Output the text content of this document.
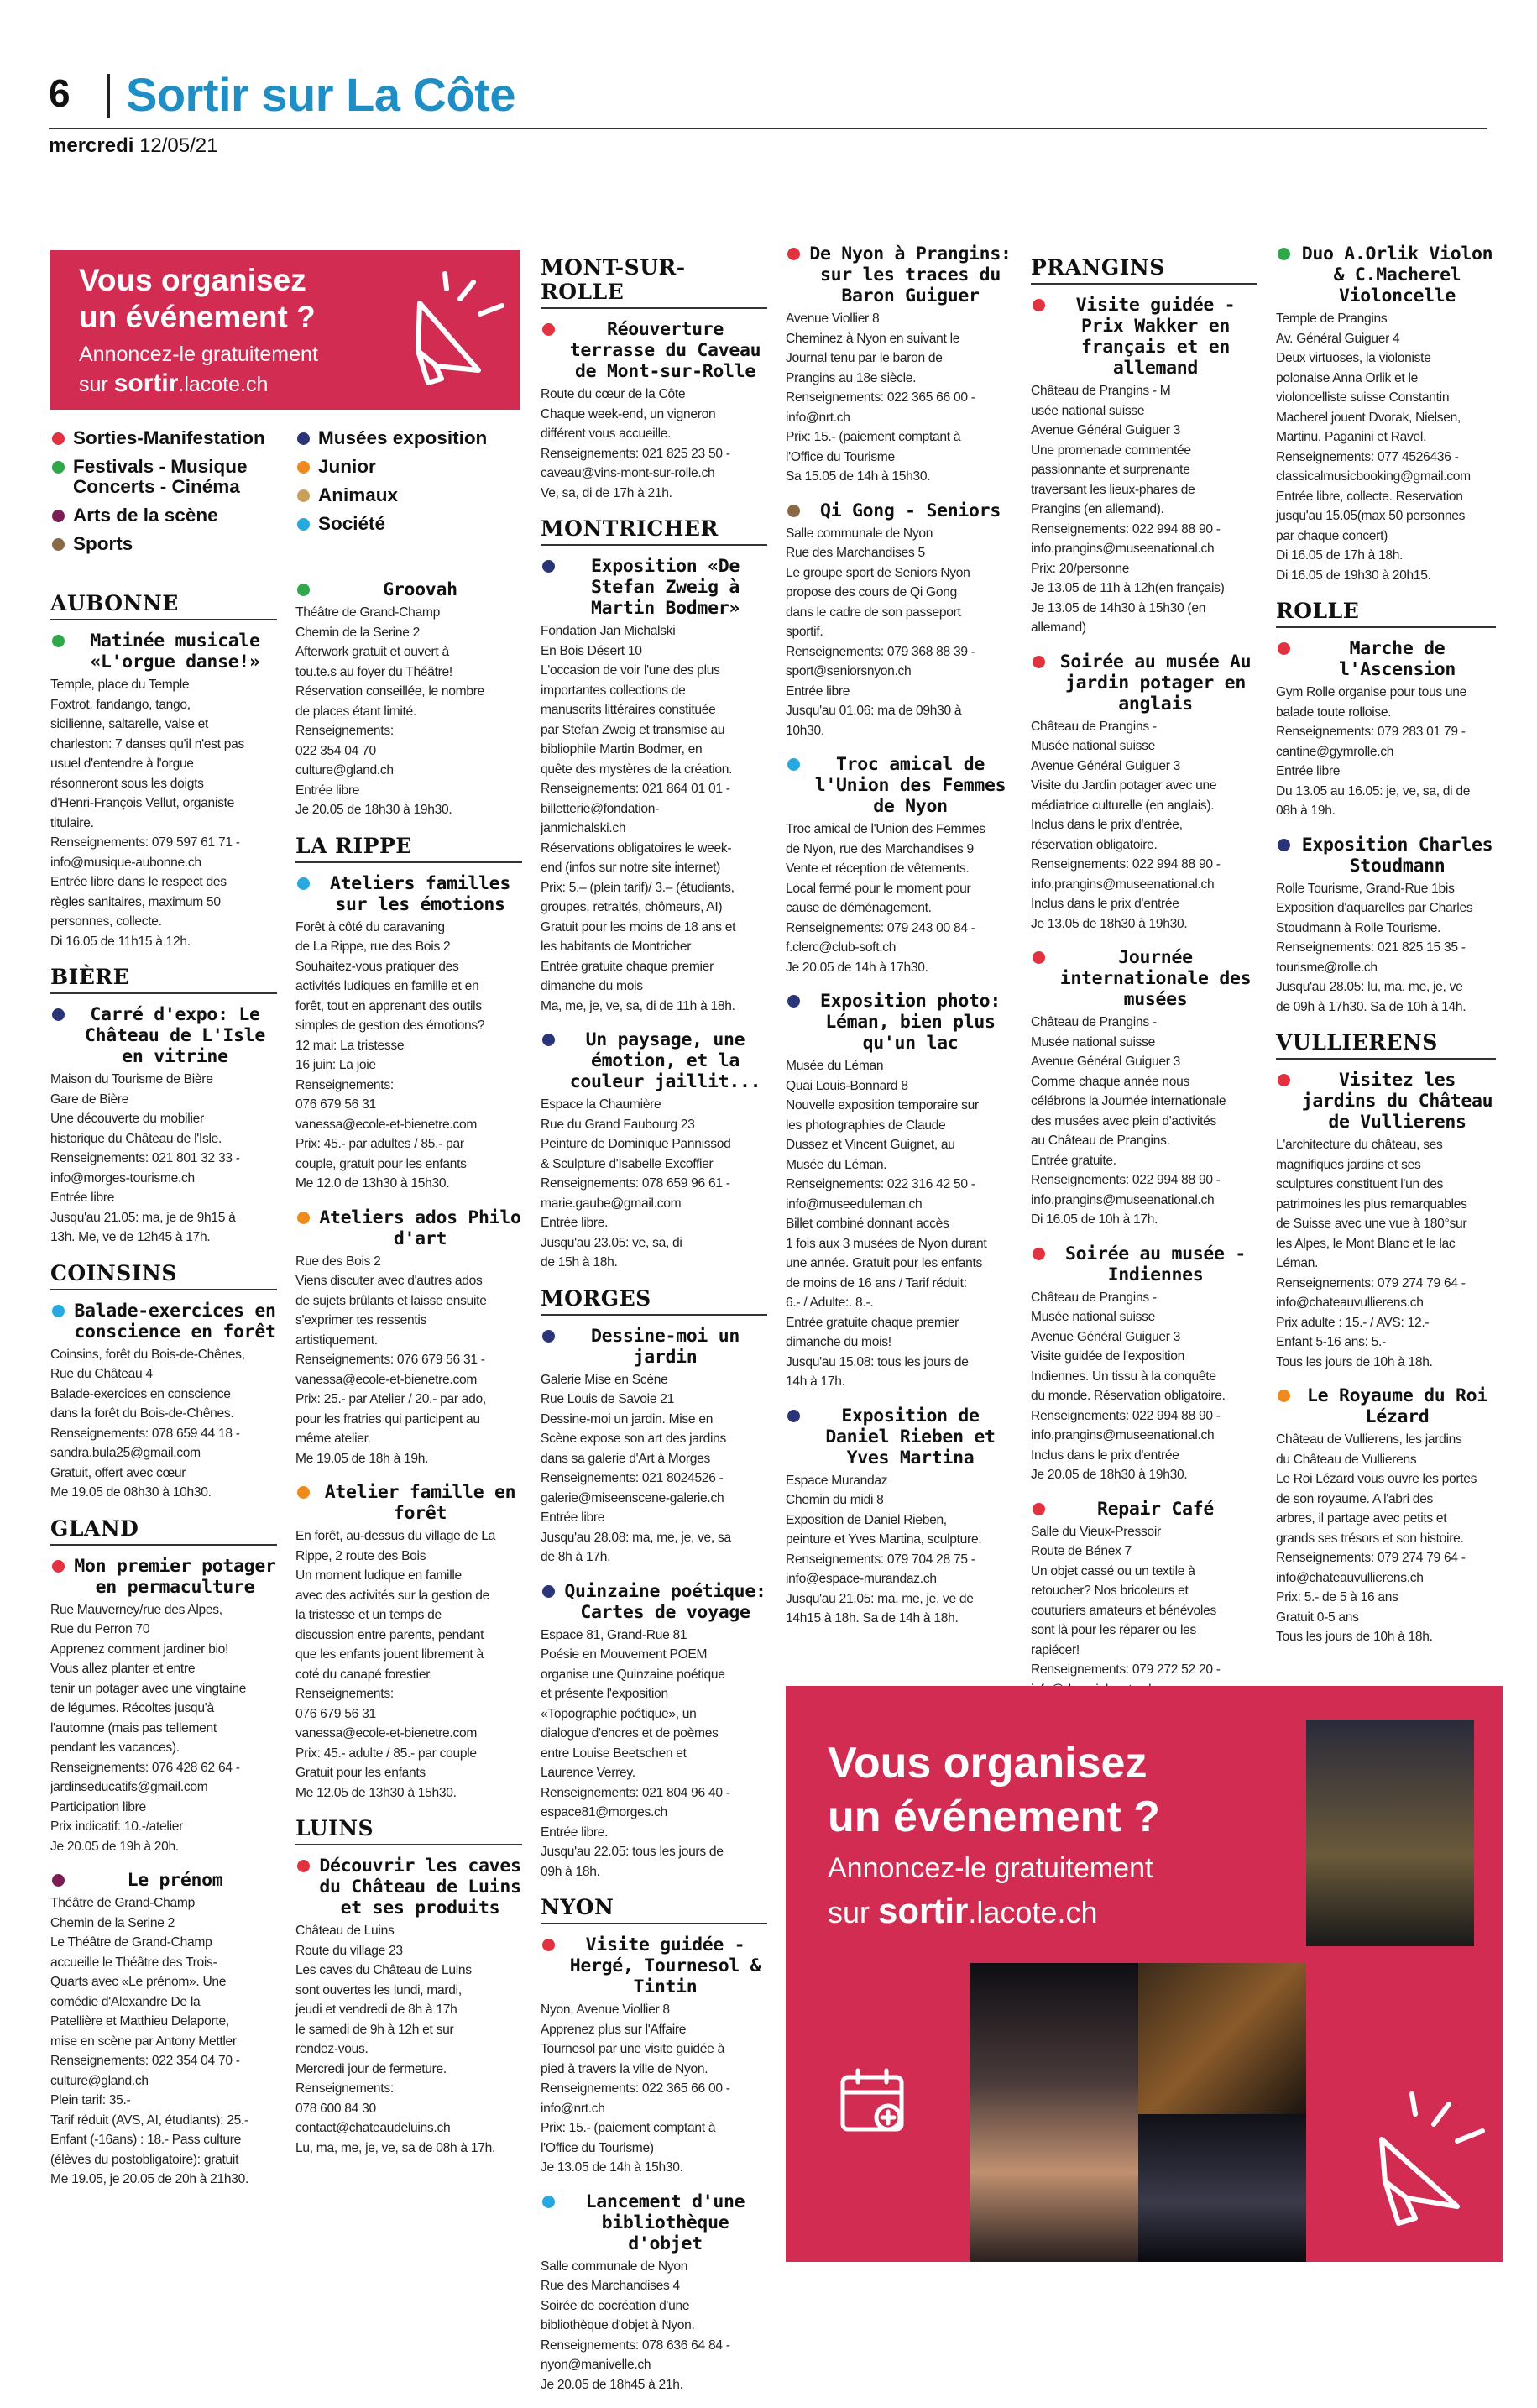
6 Sortir sur La Côte
mercredi 12/05/21
Vous organisez
un événement ?
Annoncez-le gratuitement
sur sortir.lacote.ch
Sorties-Manifestation
Festivals - Musique Concerts - Cinéma
Arts de la scène
Sports
Musées exposition
Junior
Animaux
Société
AUBONNE
Matinée musicale «L'orgue danse!»
Temple, place du Temple
Foxtrot, fandango, tango,
sicilienne, saltarelle, valse et
charleston: 7 danses qu'il n'est pas
usuel d'entendre à l'orgue
résonneront sous les doigts
d'Henri-François Vellut, organiste
titulaire.
Renseignements: 079 597 61 71 -
info@musique-aubonne.ch
Entrée libre dans le respect des
règles sanitaires, maximum 50
personnes, collecte.
Di 16.05 de 11h15 à 12h.
BIÈRE
Carré d'expo: Le Château de L'Isle en vitrine
Maison du Tourisme de Bière
Gare de Bière
Une découverte du mobilier
historique du Château de l'Isle.
Renseignements: 021 801 32 33 -
info@morges-tourisme.ch
Entrée libre
Jusqu'au 21.05: ma, je de 9h15 à
13h. Me, ve de 12h45 à 17h.
COINSINS
Balade-exercices en conscience en forêt
Coinsins, forêt du Bois-de-Chênes,
Rue du Château 4
Balade-exercices en conscience
dans la forêt du Bois-de-Chênes.
Renseignements: 078 659 44 18 -
sandra.bula25@gmail.com
Gratuit, offert avec cœur
Me 19.05 de 08h30 à 10h30.
GLAND
Mon premier potager en permaculture
Rue Mauverney/rue des Alpes,
Rue du Perron 70
Apprenez comment jardiner bio!
Vous allez planter et entre
tenir un potager avec une vingtaine
de légumes. Récoltes jusqu'à
l'automne (mais pas tellement
pendant les vacances).
Renseignements: 076 428 62 64 -
jardinseducatifs@gmail.com
Participation libre
Prix indicatif: 10.-/atelier
Je 20.05 de 19h à 20h.
Le prénom
Théâtre de Grand-Champ
Chemin de la Serine 2
Le Théâtre de Grand-Champ
accueille le Théâtre des Trois-
Quarts avec «Le prénom». Une
comédie d'Alexandre De la
Patellière et Matthieu Delaporte,
mise en scène par Antony Mettler
Renseignements: 022 354 04 70 -
culture@gland.ch
Plein tarif: 35.-
Tarif réduit (AVS, AI, étudiants): 25.-
Enfant (-16ans) : 18.- Pass culture
(élèves du postobligatoire): gratuit
Me 19.05, je 20.05 de 20h à 21h30.
Groovah
Théâtre de Grand-Champ
Chemin de la Serine 2
Afterwork gratuit et ouvert à
tou.te.s au foyer du Théâtre!
Réservation conseillée, le nombre
de places étant limité.
Renseignements:
022 354 04 70
culture@gland.ch
Entrée libre
Je 20.05 de 18h30 à 19h30.
LA RIPPE
Ateliers familles sur les émotions
Forêt à côté du caravaning
de La Rippe, rue des Bois 2
Souhaitez-vous pratiquer des
activités ludiques en famille et en
forêt, tout en apprenant des outils
simples de gestion des émotions?
12 mai: La tristesse
16 juin: La joie
Renseignements:
076 679 56 31
vanessa@ecole-et-bienetre.com
Prix: 45.- par adultes / 85.- par
couple, gratuit pour les enfants
Me 12.0 de 13h30 à 15h30.
Ateliers ados Philo d'art
Rue des Bois 2
Viens discuter avec d'autres ados
de sujets brûlants et laisse ensuite
s'exprimer tes ressentis
artistiquement.
Renseignements: 076 679 56 31 -
vanessa@ecole-et-bienetre.com
Prix: 25.- par Atelier / 20.- par ado,
pour les fratries qui participent au
même atelier.
Me 19.05 de 18h à 19h.
Atelier famille en forêt
En forêt, au-dessus du village de La
Rippe, 2 route des Bois
Un moment ludique en famille
avec des activités sur la gestion de
la tristesse et un temps de
discussion entre parents, pendant
que les enfants jouent librement à
coté du canapé forestier.
Renseignements:
076 679 56 31
vanessa@ecole-et-bienetre.com
Prix: 45.- adulte / 85.- par couple
Gratuit pour les enfants
Me 12.05 de 13h30 à 15h30.
LUINS
Découvrir les caves du Château de Luins et ses produits
Château de Luins
Route du village 23
Les caves du Château de Luins
sont ouvertes les lundi, mardi,
jeudi et vendredi de 8h à 17h
le samedi de 9h à 12h et sur
rendez-vous.
Mercredi jour de fermeture.
Renseignements:
078 600 84 30
contact@chateaudeluins.ch
Lu, ma, me, je, ve, sa de 08h à 17h.
MONT-SUR-ROLLE
Réouverture terrasse du Caveau de Mont-sur-Rolle
Route du cœur de la Côte
Chaque week-end, un vigneron
différent vous accueille.
Renseignements: 021 825 23 50 -
caveau@vins-mont-sur-rolle.ch
Ve, sa, di de 17h à 21h.
MONTRICHER
Exposition «De Stefan Zweig à Martin Bodmer»
Fondation Jan Michalski
En Bois Désert 10
L'occasion de voir l'une des plus
importantes collections de
manuscrits littéraires constituée
par Stefan Zweig et transmise au
bibliophile Martin Bodmer, en
quête des mystères de la création.
Renseignements: 021 864 01 01 -
billetterie@fondation-
janmichalski.ch
Réservations obligatoires le week-
end (infos sur notre site internet)
Prix: 5.– (plein tarif)/ 3.– (étudiants,
groupes, retraités, chômeurs, AI)
Gratuit pour les moins de 18 ans et
les habitants de Montricher
Entrée gratuite chaque premier
dimanche du mois
Ma, me, je, ve, sa, di de 11h à 18h.
Un paysage, une émotion, et la couleur jaillit...
Espace la Chaumière
Rue du Grand Faubourg 23
Peinture de Dominique Pannissod
& Sculpture d'Isabelle Excoffier
Renseignements: 078 659 96 61 -
marie.gaube@gmail.com
Entrée libre.
Jusqu'au 23.05: ve, sa, di
de 15h à 18h.
MORGES
Dessine-moi un jardin
Galerie Mise en Scène
Rue Louis de Savoie 21
Dessine-moi un jardin. Mise en
Scène expose son art des jardins
dans sa galerie d'Art à Morges
Renseignements: 021 8024526 -
galerie@miseenscene-galerie.ch
Entrée libre
Jusqu'au 28.08: ma, me, je, ve, sa
de 8h à 17h.
Quinzaine poétique: Cartes de voyage
Espace 81, Grand-Rue 81
Poésie en Mouvement POEM
organise une Quinzaine poétique
et présente l'exposition
«Topographie poétique», un
dialogue d'encres et de poèmes
entre Louise Beetschen et
Laurence Verrey.
Renseignements: 021 804 96 40 -
espace81@morges.ch
Entrée libre.
Jusqu'au 22.05: tous les jours de
09h à 18h.
NYON
Visite guidée - Hergé, Tournesol & Tintin
Nyon, Avenue Viollier 8
Apprenez plus sur l'Affaire
Tournesol par une visite guidée à
pied à travers la ville de Nyon.
Renseignements: 022 365 66 00 -
info@nrt.ch
Prix: 15.- (paiement comptant à
l'Office du Tourisme)
Je 13.05 de 14h à 15h30.
Lancement d'une bibliothèque d'objet
Salle communale de Nyon
Rue des Marchandises 4
Soirée de cocréation d'une
bibliothèque d'objet à Nyon.
Renseignements: 078 636 64 84 -
nyon@manivelle.ch
Je 20.05 de 18h45 à 21h.
De Nyon à Prangins: sur les traces du Baron Guiguer
Avenue Viollier 8
Cheminez à Nyon en suivant le
Journal tenu par le baron de
Prangins au 18e siècle.
Renseignements: 022 365 66 00 -
info@nrt.ch
Prix: 15.- (paiement comptant à
l'Office du Tourisme
Sa 15.05 de 14h à 15h30.
Qi Gong - Seniors
Salle communale de Nyon
Rue des Marchandises 5
Le groupe sport de Seniors Nyon
propose des cours de Qi Gong
dans le cadre de son passeport
sportif.
Renseignements: 079 368 88 39 -
sport@seniorsnyon.ch
Entrée libre
Jusqu'au 01.06: ma de 09h30 à
10h30.
Troc amical de l'Union des Femmes de Nyon
Troc amical de l'Union des Femmes
de Nyon, rue des Marchandises 9
Vente et réception de vêtements.
Local fermé pour le moment pour
cause de déménagement.
Renseignements: 079 243 00 84 -
f.clerc@club-soft.ch
Je 20.05 de 14h à 17h30.
Exposition photo: Léman, bien plus qu'un lac
Musée du Léman
Quai Louis-Bonnard 8
Nouvelle exposition temporaire sur
les photographies de Claude
Dussez et Vincent Guignet, au
Musée du Léman.
Renseignements: 022 316 42 50 -
info@museeduleman.ch
Billet combiné donnant accès
1 fois aux 3 musées de Nyon durant
une année. Gratuit pour les enfants
de moins de 16 ans / Tarif réduit:
6.- / Adulte:. 8.-.
Entrée gratuite chaque premier
dimanche du mois!
Jusqu'au 15.08: tous les jours de
14h à 17h.
Exposition de Daniel Rieben et Yves Martina
Espace Murandaz
Chemin du midi 8
Exposition de Daniel Rieben,
peinture et Yves Martina, sculpture.
Renseignements: 079 704 28 75 -
info@espace-murandaz.ch
Jusqu'au 21.05: ma, me, je, ve de
14h15 à 18h. Sa de 14h à 18h.
PRANGINS
Visite guidée - Prix Wakker en français et en allemand
Château de Prangins - M
usée national suisse
Avenue Général Guiguer 3
Une promenade commentée
passionnante et surprenante
traversant les lieux-phares de
Prangins (en allemand).
Renseignements: 022 994 88 90 -
info.prangins@museenational.ch
Prix: 20/personne
Je 13.05 de 11h à 12h(en français)
Je 13.05 de 14h30 à 15h30 (en
allemand)
Soirée au musée Au jardin potager en anglais
Château de Prangins -
Musée national suisse
Avenue Général Guiguer 3
Visite du Jardin potager avec une
médiatrice culturelle (en anglais).
Inclus dans le prix d'entrée,
réservation obligatoire.
Renseignements: 022 994 88 90 -
info.prangins@museenational.ch
Inclus dans le prix d'entrée
Je 13.05 de 18h30 à 19h30.
Journée internationale des musées
Château de Prangins -
Musée national suisse
Avenue Général Guiguer 3
Comme chaque année nous
célébrons la Journée internationale
des musées avec plein d'activités
au Château de Prangins.
Entrée gratuite.
Renseignements: 022 994 88 90 -
info.prangins@museenational.ch
Di 16.05 de 10h à 17h.
Soirée au musée - Indiennes
Château de Prangins -
Musée national suisse
Avenue Général Guiguer 3
Visite guidée de l'exposition
Indiennes. Un tissu à la conquête
du monde. Réservation obligatoire.
Renseignements: 022 994 88 90 -
info.prangins@museenational.ch
Inclus dans le prix d'entrée
Je 20.05 de 18h30 à 19h30.
Repair Café
Salle du Vieux-Pressoir
Route de Bénex 7
Un objet cassé ou un textile à
retoucher? Nos bricoleurs et
couturiers amateurs et bénévoles
sont là pour les réparer ou les
rapiécer!
Renseignements: 079 272 52 20 -
Duo A.Orlik Violon & C.Macherel Violoncelle
Temple de Prangins
Av. Général Guiguer 4
Deux virtuoses, la violoniste
polonaise Anna Orlik et le
violoncelliste suisse Constantin
Macherel jouent Dvorak, Nielsen,
Martinu, Paganini et Ravel.
Renseignements: 077 4526436 -
classicalmusicbooking@gmail.com
Entrée libre, collecte. Reservation
jusqu'au 15.05(max 50 personnes
par chaque concert)
Di 16.05 de 17h à 18h.
Di 16.05 de 19h30 à 20h15.
ROLLE
Marche de l'Ascension
Gym Rolle organise pour tous une
balade toute rolloise.
Renseignements: 079 283 01 79 -
cantine@gymrolle.ch
Entrée libre
Du 13.05 au 16.05: je, ve, sa, di de
08h à 19h.
Exposition Charles Stoudmann
Rolle Tourisme, Grand-Rue 1bis
Exposition d'aquarelles par Charles
Stoudmann à Rolle Tourisme.
Renseignements: 021 825 15 35 -
tourisme@rolle.ch
Jusqu'au 28.05: lu, ma, me, je, ve
de 09h à 17h30. Sa de 10h à 14h.
VULLIERENS
Visitez les jardins du Château de Vullierens
L'architecture du château, ses
magnifiques jardins et ses
sculptures constituent l'un des
patrimoines les plus remarquables
de Suisse avec une vue à 180°sur
les Alpes, le Mont Blanc et le lac
Léman.
Renseignements: 079 274 79 64 -
info@chateauvullierens.ch
Prix adulte : 15.- / AVS: 12.-
Enfant 5-16 ans: 5.-
Tous les jours de 10h à 18h.
Le Royaume du Roi Lézard
Château de Vullierens, les jardins
du Château de Vullierens
Le Roi Lézard vous ouvre les portes
de son royaume. A l'abri des
arbres, il partage avec petits et
grands ses trésors et son histoire.
Renseignements: 079 274 79 64 -
info@chateauvullierens.ch
Prix: 5.- de 5 à 16 ans
Gratuit 0-5 ans
Tous les jours de 10h à 18h.
Vous organisez
un événement ?
Annoncez-le gratuitement
sur sortir.lacote.ch
